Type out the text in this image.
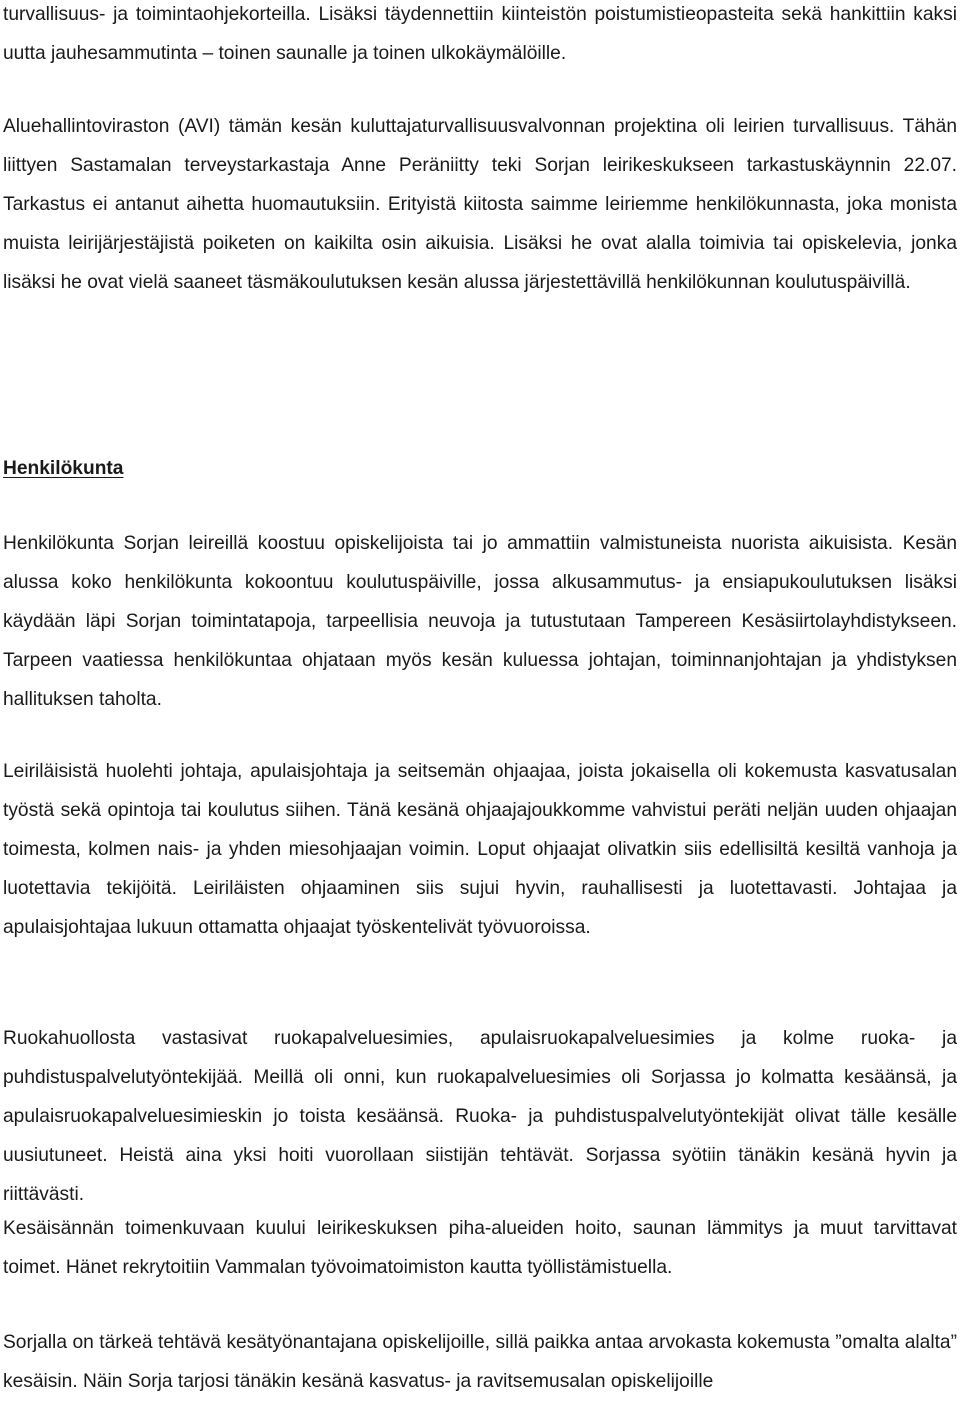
turvallisuus- ja toimintaohjekorteilla. Lisäksi täydennettiin kiinteistön poistumistieopasteita sekä hankittiin kaksi uutta jauhesammutinta – toinen saunalle ja toinen ulkokäymälöille.

Aluehallintoviraston (AVI) tämän kesän kuluttajaturvallisuusvalvonnan projektina oli leirien turvallisuus. Tähän liittyen Sastamalan terveystarkastaja Anne Peräniitty teki Sorjan leirikeskukseen tarkastuskäynnin 22.07. Tarkastus ei antanut aihetta huomautuksiin. Erityistä kiitosta saimme leiriemme henkilökunnasta, joka monista muista leirijärjestäjistä poiketen on kaikilta osin aikuisia. Lisäksi he ovat alalla toimivia tai opiskelevia, jonka lisäksi he ovat vielä saaneet täsmäkoulutuksen kesän alussa järjestettävillä henkilökunnan koulutuspäivillä.

Henkilökunta

Henkilökunta Sorjan leireillä koostuu opiskelijoista tai jo ammattiin valmistuneista nuorista aikuisista. Kesän alussa koko henkilökunta kokoontuu koulutuspäiville, jossa alkusammutus- ja ensiapukoulutuksen lisäksi käydään läpi Sorjan toimintatapoja, tarpeellisia neuvoja ja tutustutaan Tampereen Kesäsiirtolayhdistykseen. Tarpeen vaatiessa henkilökuntaa ohjataan myös kesän kuluessa johtajan, toiminnanjohtajan ja yhdistyksen hallituksen taholta.

Leiriläisistä huolehti johtaja, apulaisjohtaja ja seitsemän ohjaajaa, joista jokaisella oli kokemusta kasvatusalan työstä sekä opintoja tai koulutus siihen. Tänä kesänä ohjaajajoukkomme vahvistui peräti neljän uuden ohjaajan toimesta, kolmen nais- ja yhden miesohjaajan voimin. Loput ohjaajat olivatkin siis edellisiltä kesiltä vanhoja ja luotettavia tekijöitä. Leiriläisten ohjaaminen siis sujui hyvin, rauhallisesti ja luotettavasti. Johtajaa ja apulaisjohtajaa lukuun ottamatta ohjaajat työskentelivät työvuoroissa.

Ruokahuollosta vastasivat ruokapalveluesimies, apulaisruokapalveluesimies ja kolme ruoka- ja puhdistuspalvelutyöntekijää. Meillä oli onni, kun ruokapalveluesimies oli Sorjassa jo kolmatta kesäänsä, ja apulaisruokapalveluesimieskin jo toista kesäänsä. Ruoka- ja puhdistuspalvelutyöntekijät olivat tälle kesälle uusiutuneet. Heistä aina yksi hoiti vuorollaan siistijän tehtävät. Sorjassa syötiin tänäkin kesänä hyvin ja riittävästi.

Kesäisännän toimenkuvaan kuului leirikeskuksen piha-alueiden hoito, saunan lämmitys ja muut tarvittavat toimet. Hänet rekrytoitiin Vammalan työvoimatoimiston kautta työllistämistuella.

Sorjalla on tärkeä tehtävä kesätyönantajana opiskelijoille, sillä paikka antaa arvokasta kokemusta ”omalta alalta” kesäisin. Näin Sorja tarjosi tänäkin kesänä kasvatus- ja ravitsemusalan opiskelijoille
